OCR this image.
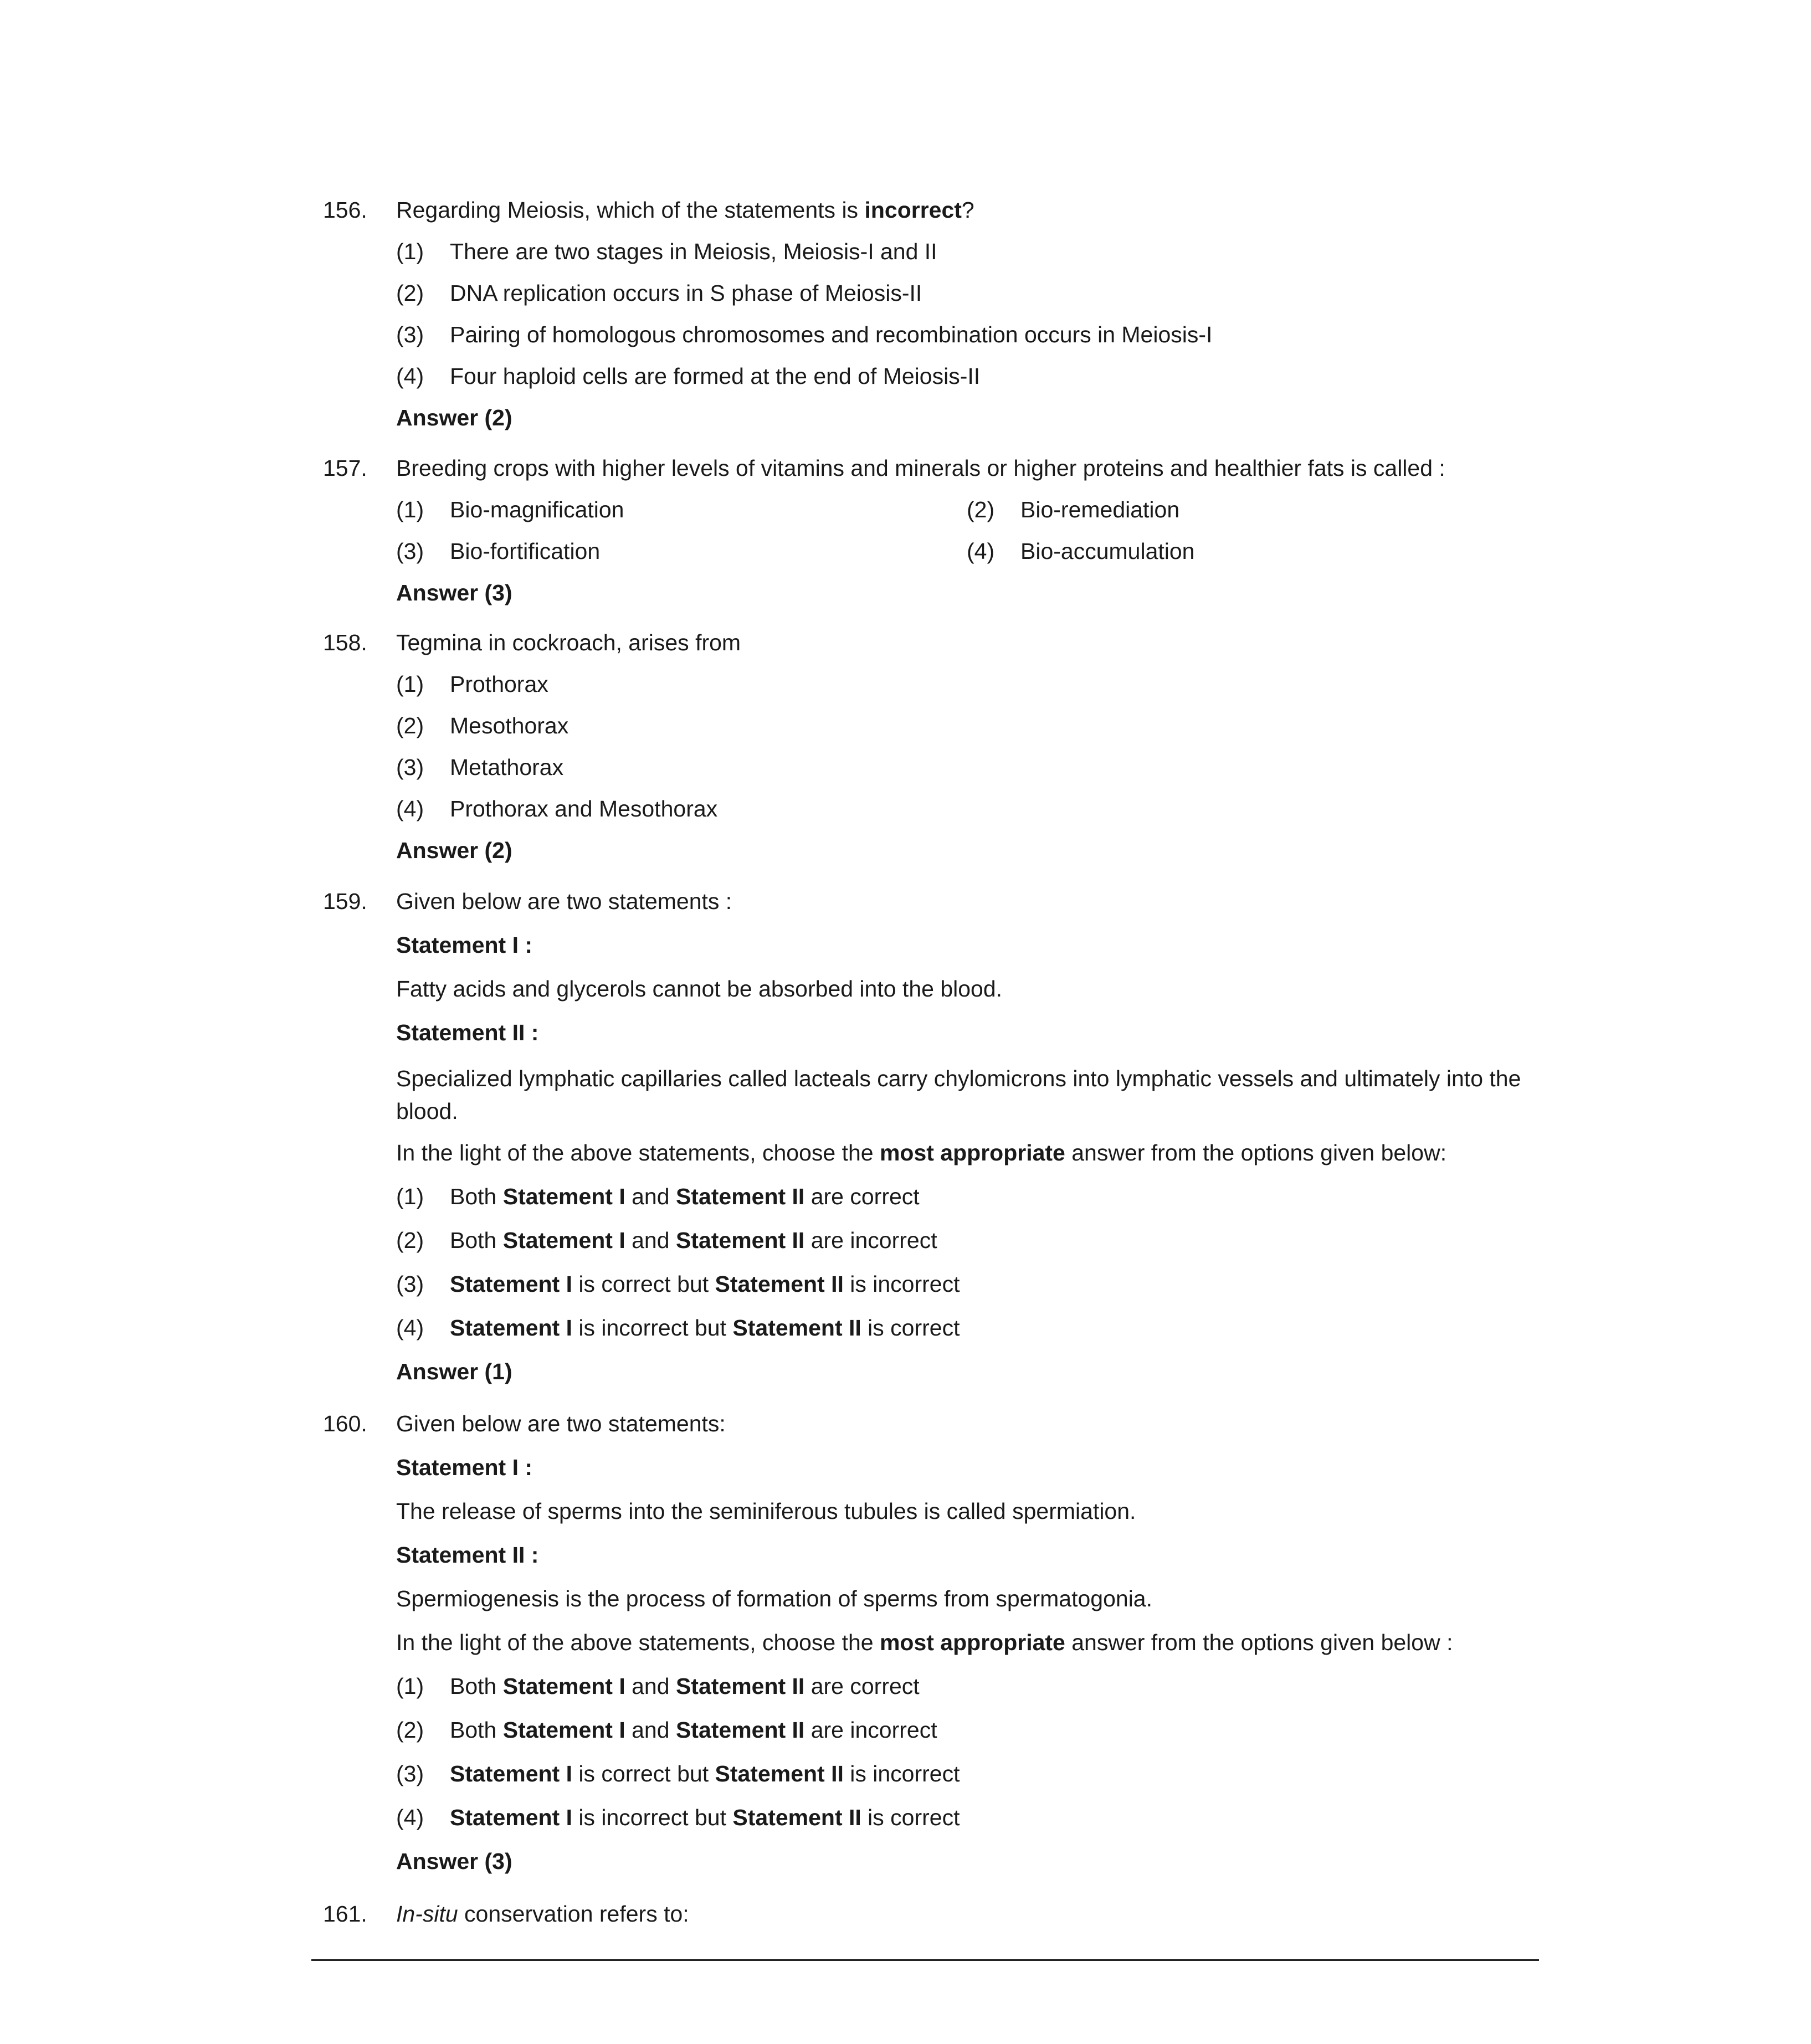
156. Regarding Meiosis, which of the statements is incorrect?
(1) There are two stages in Meiosis, Meiosis-I and II
(2) DNA replication occurs in S phase of Meiosis-II
(3) Pairing of homologous chromosomes and recombination occurs in Meiosis-I
(4) Four haploid cells are formed at the end of Meiosis-II
Answer (2)
157. Breeding crops with higher levels of vitamins and minerals or higher proteins and healthier fats is called :
(1) Bio-magnification	(2) Bio-remediation
(3) Bio-fortification	(4) Bio-accumulation
Answer (3)
158. Tegmina in cockroach, arises from
(1) Prothorax
(2) Mesothorax
(3) Metathorax
(4) Prothorax and Mesothorax
Answer (2)
159. Given below are two statements :
Statement I :
Fatty acids and glycerols cannot be absorbed into the blood.
Statement II :
Specialized lymphatic capillaries called lacteals carry chylomicrons into lymphatic vessels and ultimately into the blood.
In the light of the above statements, choose the most appropriate answer from the options given below:
(1) Both Statement I and Statement II are correct
(2) Both Statement I and Statement II are incorrect
(3) Statement I is correct but Statement II is incorrect
(4) Statement I is incorrect but Statement II is correct
Answer (1)
160. Given below are two statements:
Statement I :
The release of sperms into the seminiferous tubules is called spermiation.
Statement II :
Spermiogenesis is the process of formation of sperms from spermatogonia.
In the light of the above statements, choose the most appropriate answer from the options given below :
(1) Both Statement I and Statement II are correct
(2) Both Statement I and Statement II are incorrect
(3) Statement I is correct but Statement II is incorrect
(4) Statement I is incorrect but Statement II is correct
Answer (3)
161. In-situ conservation refers to:
